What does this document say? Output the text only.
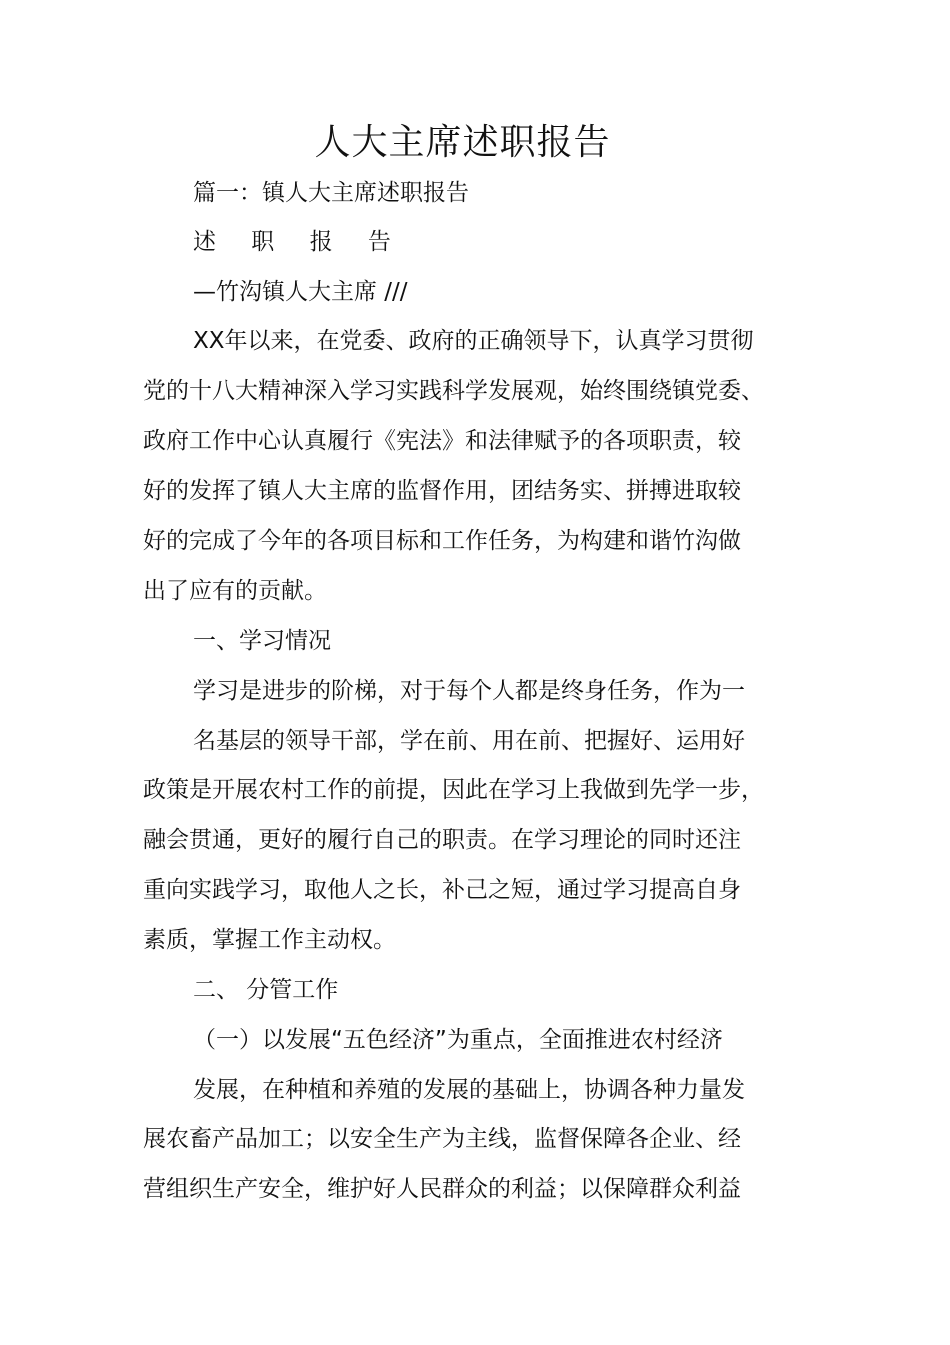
人大主席述职报告
篇一：镇人大主席述职报告
述 职 报 告
—竹沟镇人大主席 ///
XX年以来，在党委、政府的正确领导下，认真学习贯彻
党的十八大精神深入学习实践科学发展观，始终围绕镇党委、
政府工作中心认真履行《宪法》和法律赋予的各项职责，较
好的发挥了镇人大主席的监督作用，团结务实、拼搏进取较
好的完成了今年的各项目标和工作任务，为构建和谐竹沟做
出了应有的贡献。
一、学习情况
学习是进步的阶梯，对于每个人都是终身任务，作为一
名基层的领导干部，学在前、用在前、把握好、运用好
政策是开展农村工作的前提，因此在学习上我做到先学一步，
融会贯通，更好的履行自己的职责。在学习理论的同时还注
重向实践学习，取他人之长，补己之短，通过学习提高自身
素质，掌握工作主动权。
二、 分管工作
（一）以发展“五色经济”为重点，全面推进农村经济
发展，在种植和养殖的发展的基础上，协调各种力量发
展农畜产品加工；以安全生产为主线，监督保障各企业、经
营组织生产安全，维护好人民群众的利益；以保障群众利益
